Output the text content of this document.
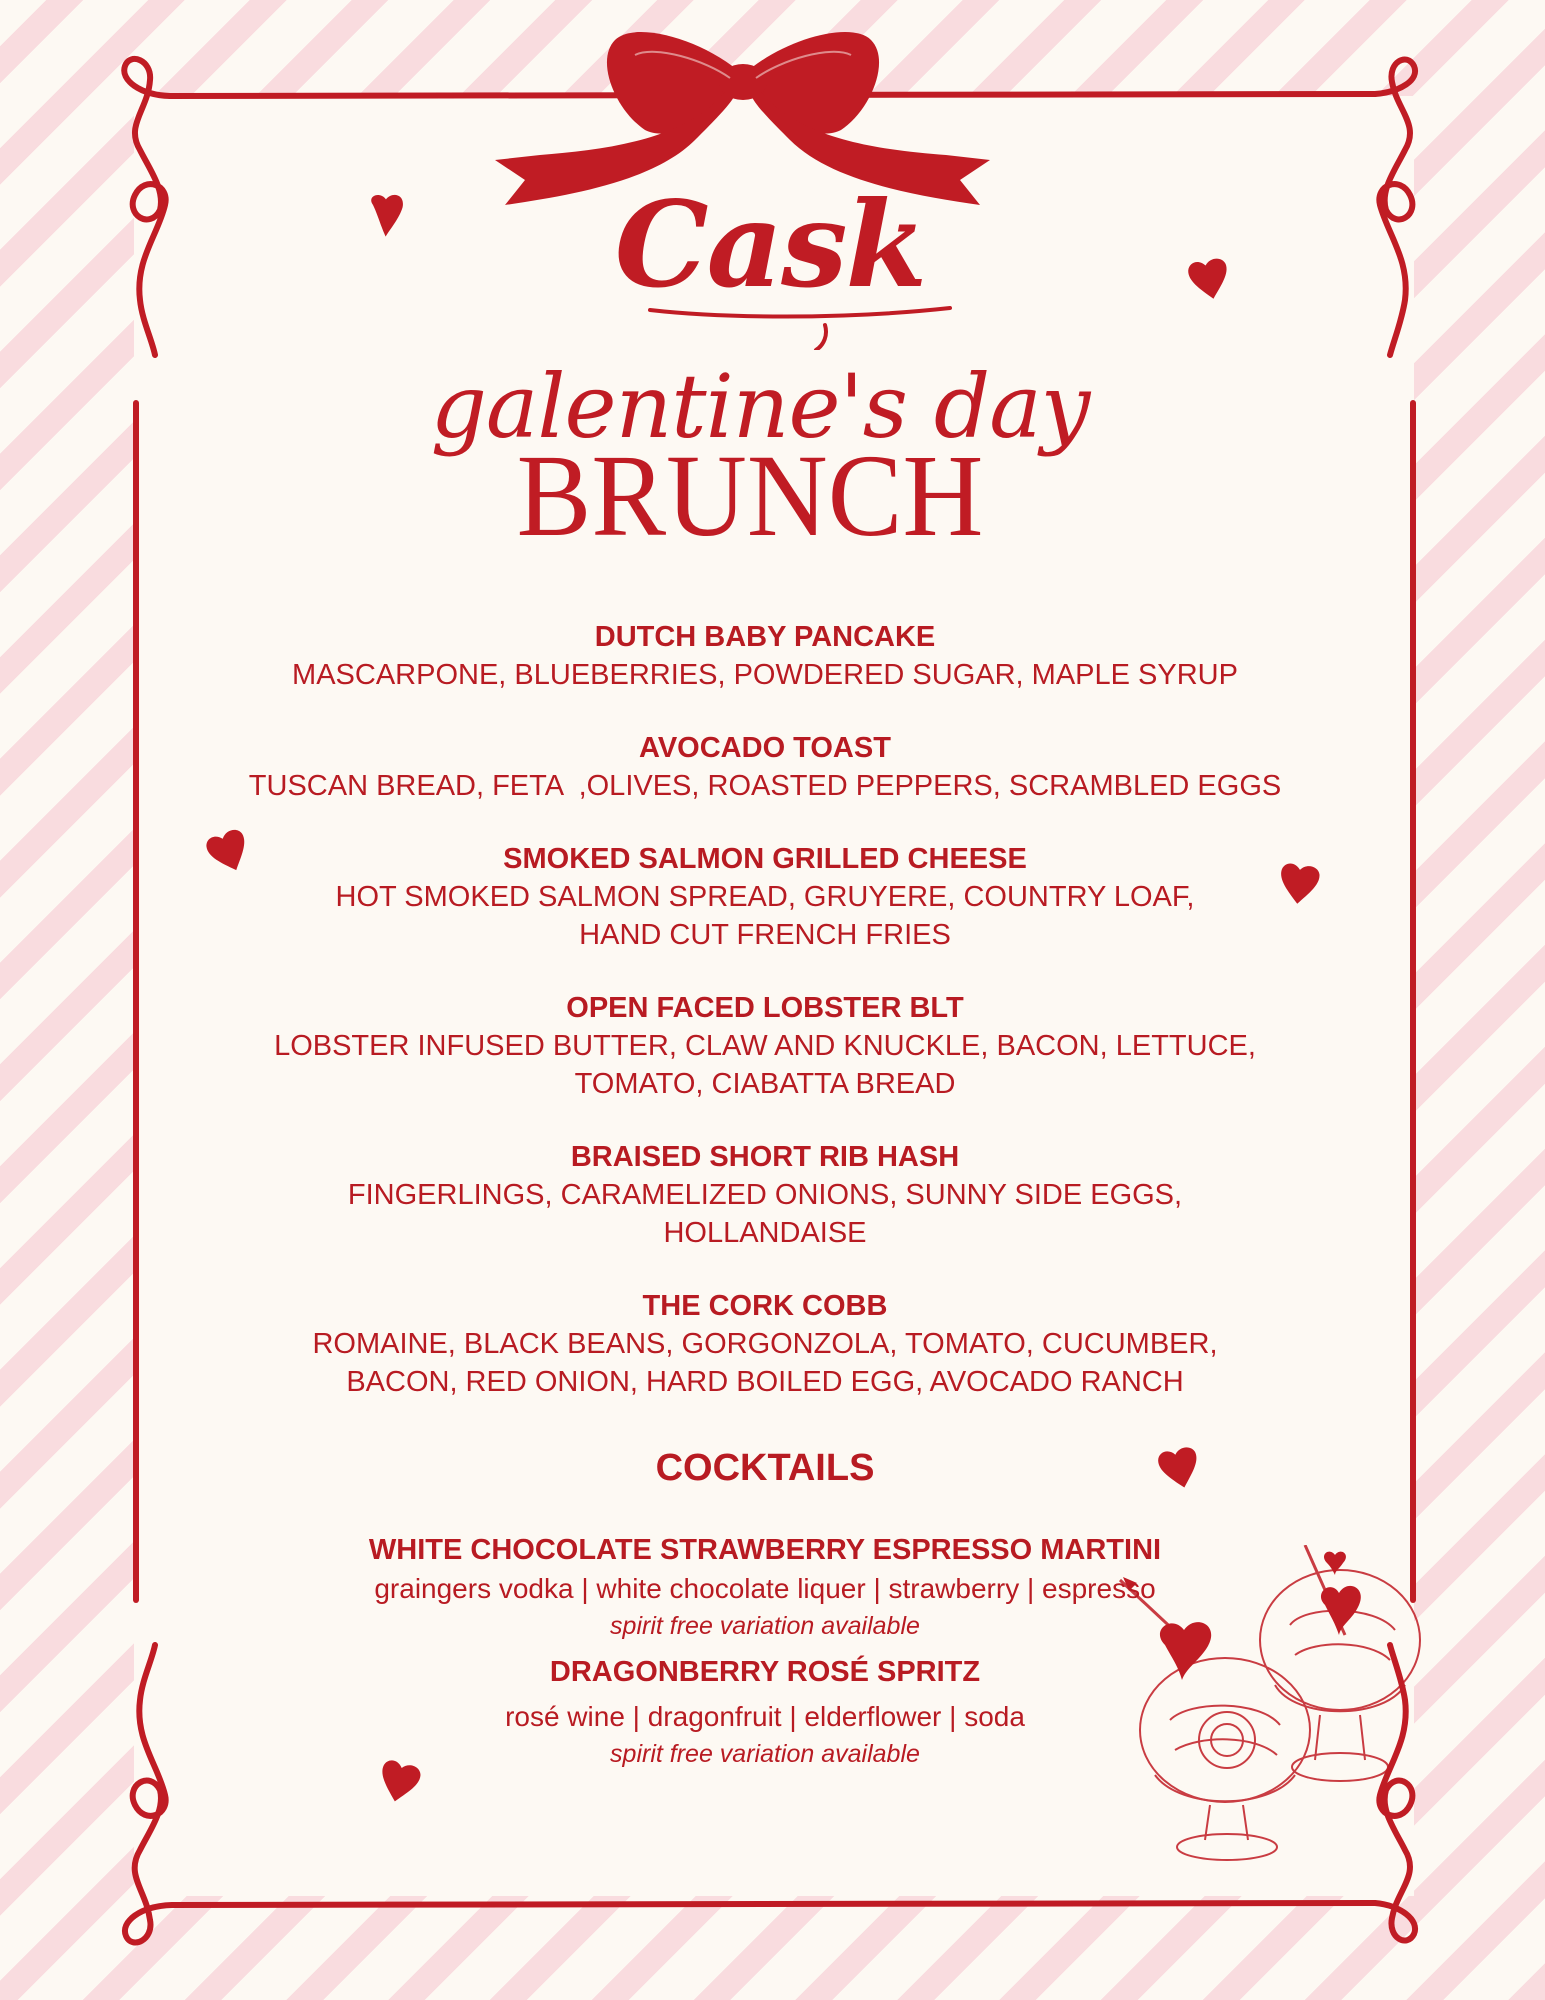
Cask
galentine's day
BRUNCH
DUTCH BABY PANCAKE
MASCARPONE, BLUEBERRIES, POWDERED SUGAR, MAPLE SYRUP
AVOCADO TOAST
TUSCAN BREAD, FETA  ,OLIVES, ROASTED PEPPERS, SCRAMBLED EGGS
SMOKED SALMON GRILLED CHEESE
HOT SMOKED SALMON SPREAD, GRUYERE, COUNTRY LOAF,
HAND CUT FRENCH FRIES
OPEN FACED LOBSTER BLT
LOBSTER INFUSED BUTTER, CLAW AND KNUCKLE, BACON, LETTUCE,
TOMATO, CIABATTA BREAD
BRAISED SHORT RIB HASH
FINGERLINGS, CARAMELIZED ONIONS, SUNNY SIDE EGGS,
HOLLANDAISE
THE CORK COBB
ROMAINE, BLACK BEANS, GORGONZOLA, TOMATO, CUCUMBER,
BACON, RED ONION, HARD BOILED EGG, AVOCADO RANCH
COCKTAILS
WHITE CHOCOLATE STRAWBERRY ESPRESSO MARTINI
graingers vodka | white chocolate liquer | strawberry | espresso
spirit free variation available
DRAGONBERRY ROSÉ SPRITZ
rosé wine | dragonfruit | elderflower | soda
spirit free variation available
